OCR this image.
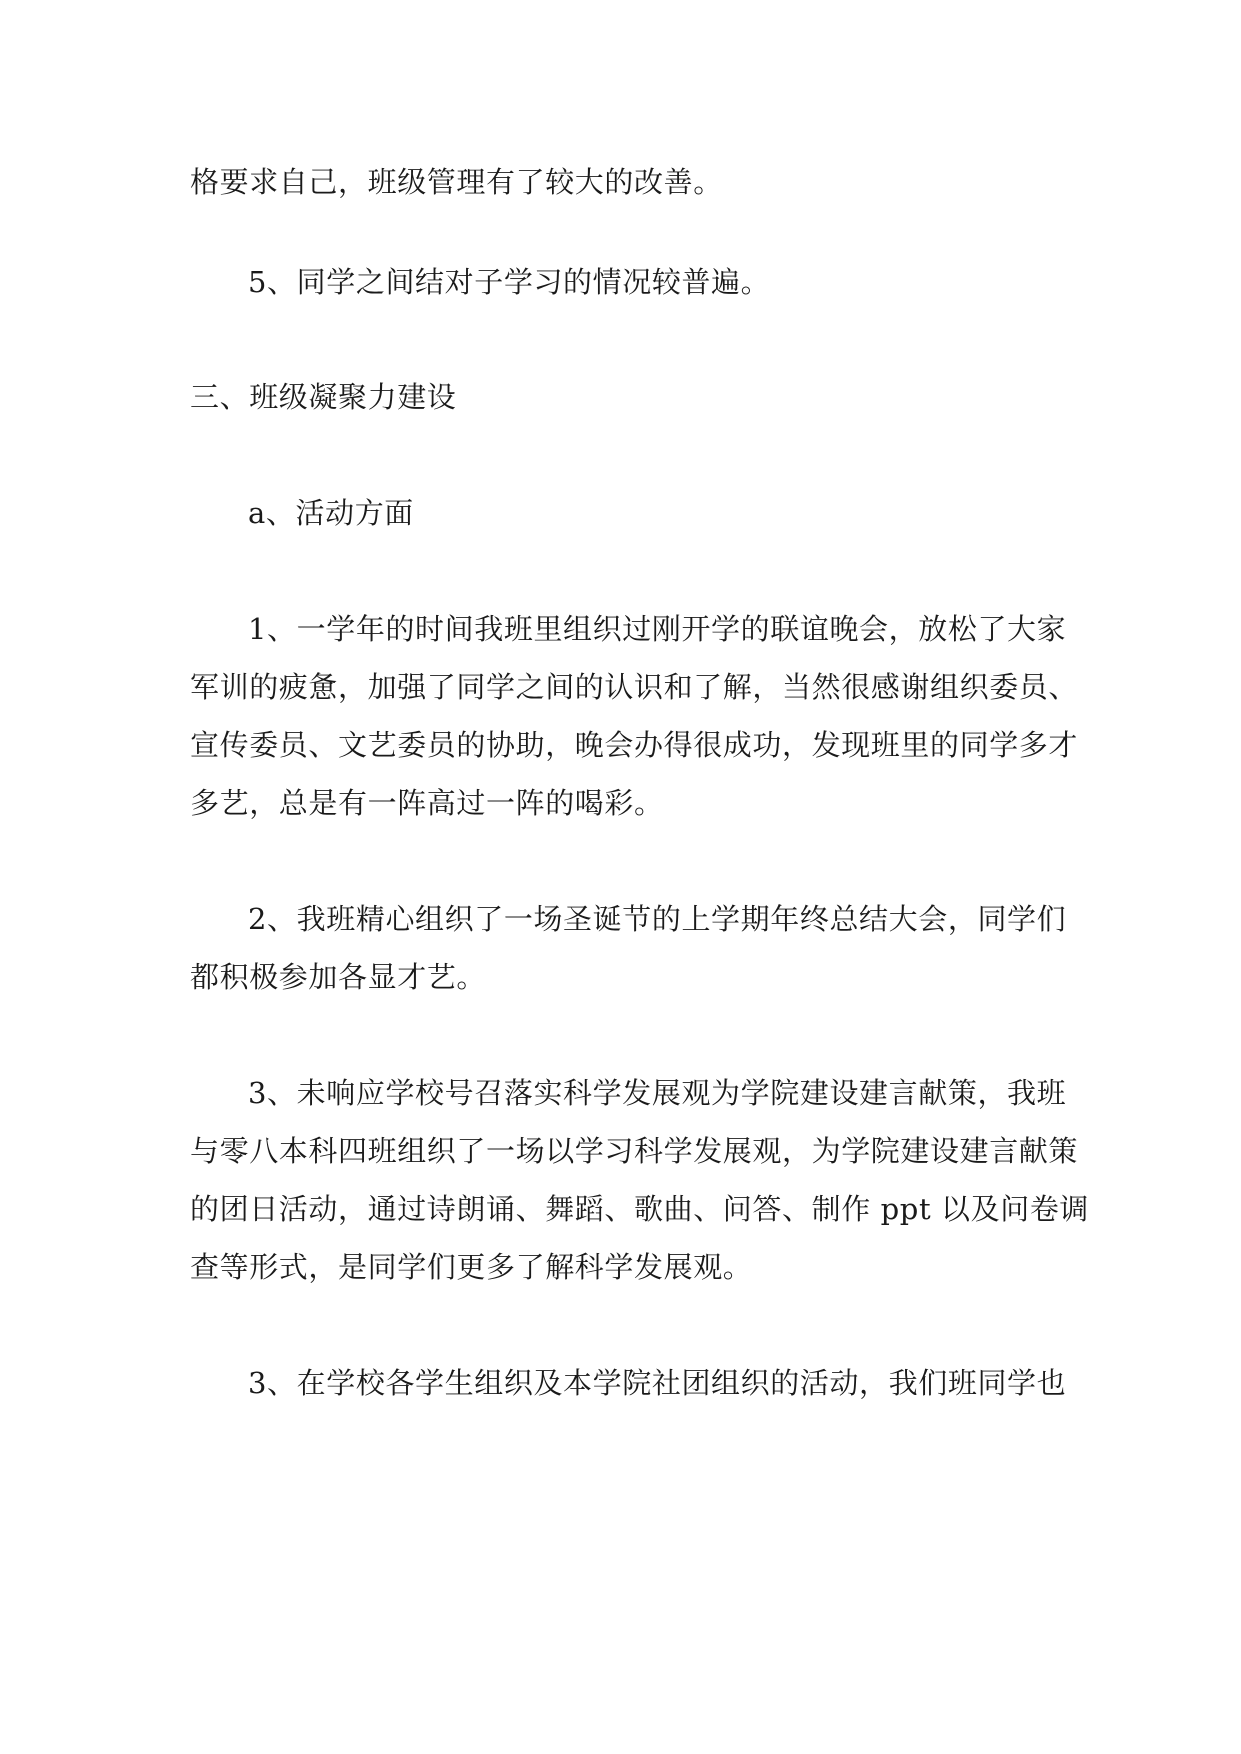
格要求自己，班级管理有了较大的改善。
5、同学之间结对子学习的情况较普遍。
三、班级凝聚力建设
a、活动方面
1、一学年的时间我班里组织过刚开学的联谊晚会，放松了大家
军训的疲惫，加强了同学之间的认识和了解，当然很感谢组织委员、
宣传委员、文艺委员的协助，晚会办得很成功，发现班里的同学多才
多艺，总是有一阵高过一阵的喝彩。
2、我班精心组织了一场圣诞节的上学期年终总结大会，同学们
都积极参加各显才艺。
3、未响应学校号召落实科学发展观为学院建设建言献策，我班
与零八本科四班组织了一场以学习科学发展观，为学院建设建言献策
的团日活动，通过诗朗诵、舞蹈、歌曲、问答、制作 ppt 以及问卷调
查等形式，是同学们更多了解科学发展观。
3、在学校各学生组织及本学院社团组织的活动，我们班同学也
